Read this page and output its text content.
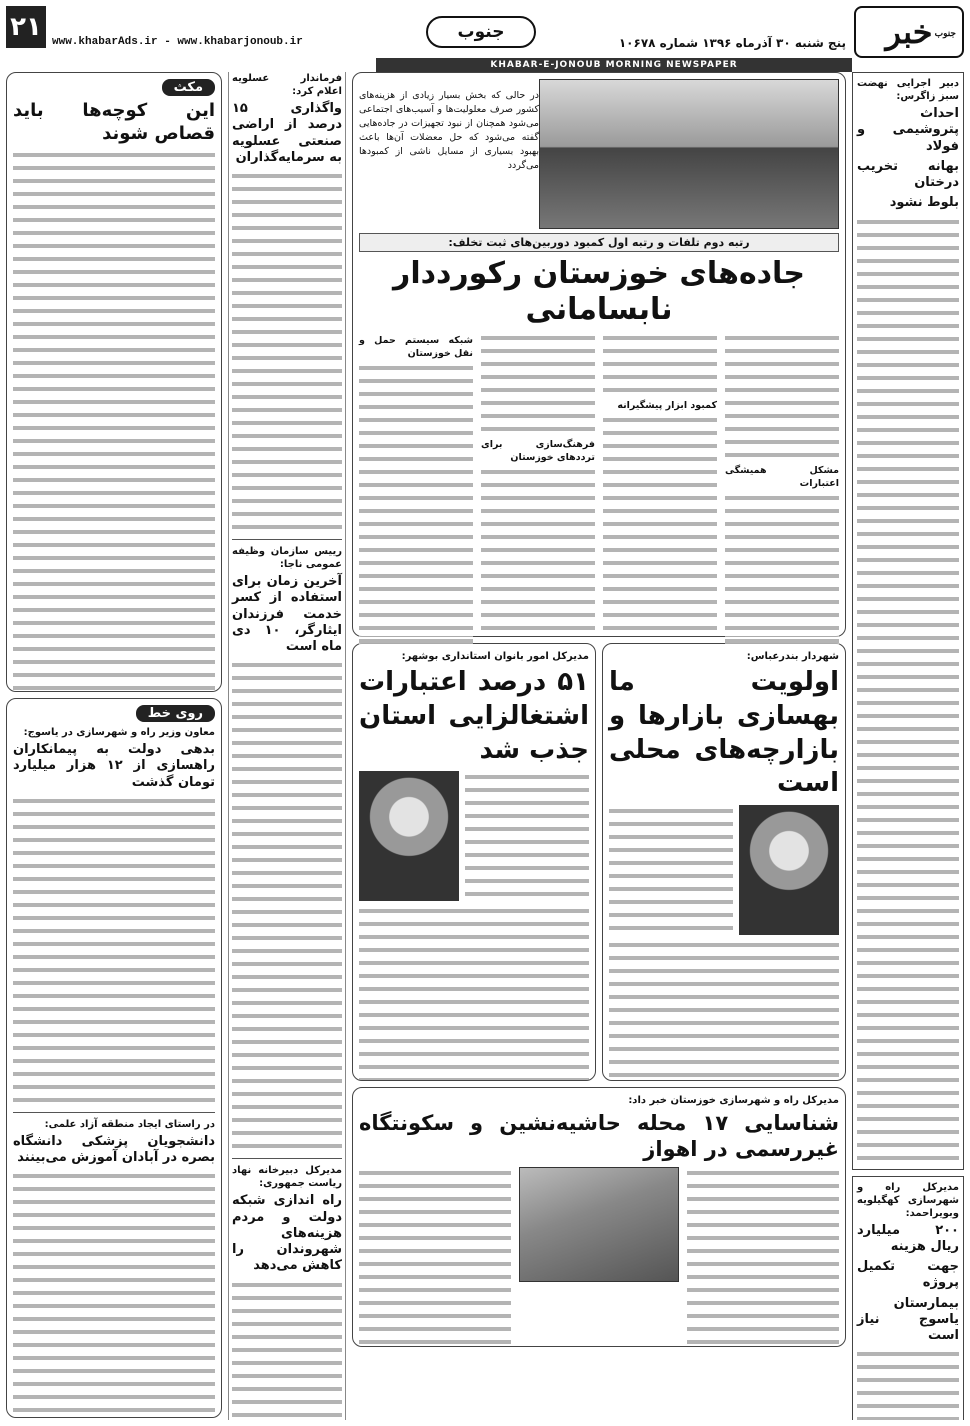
۲۱ www.khabarAds.ir - www.khabarjonoub.ir	جنوب
پنج شنبه ۳۰ آذرماه ۱۳۹۶ شماره ۱۰۶۷۸	خبر جنوب
KHABAR-E-JONOUB MORNING NEWSPAPER
دبیر اجرایی نهضت سبز زاگرس:
احداث پتروشیمی و فولاد
بهانه تخریب درختان
بلوط نشود
مدیرکل راه و شهرسازی کهگیلویه وبویراحمد:
۲۰۰ میلیارد ریال هزینه
جهت تکمیل پروژه
بیمارستان یاسوج نیاز است
در حالی که بخش بسیار زیادی از هزینه‌های کشور صرف معلولیت‌ها و آسیب‌های اجتماعی می‌شود همچنان از نبود تجهیزات در جاده‌هایی گفته می‌شود که حل معضلات آن‌ها باعث بهبود بسیاری از مسایل ناشی از کمبودها می‌گردد
رتبه دوم تلفات و رتبه اول کمبود دوربین‌های ثبت تخلف:
جاده‌های خوزستان رکورددار نابسامانی
مشکل همیشگی اعتبارات
کمبود ابزار پیشگیرانه
فرهنگ‌سازی برای ترددهای خوزستان
شبکه سیستم حمل و نقل خوزستان
شهردار بندرعباس:
اولویت ما بهسازی بازارها و بازارچه‌های محلی است
مدیرکل امور بانوان استانداری بوشهر:
۵۱ درصد اعتبارات اشتغالزایی استان جذب شد
مدیرکل راه و شهرسازی خوزستان خبر داد:
شناسایی ۱۷ محله حاشیه‌نشین و سکونتگاه غیررسمی در اهواز
فرماندار عسلویه اعلام کرد:
واگذاری ۱۵ درصد از اراضی صنعتی عسلویه به سرمایه‌گذاران
رییس سازمان وظیفه عمومی ناجا:
آخرین زمان برای استفاده از کسر خدمت فرزندان ایثارگر، ۱۰ دی ماه است
مدیرکل دبیرخانه نهاد ریاست جمهوری:
راه اندازی شبکه دولت و مردم هزینه‌های شهروندان را کاهش می‌دهد
مکث
این کوچه‌ها باید قصاص شوند
روی خط
معاون وزیر راه و شهرسازی در یاسوج:
بدهی دولت به پیمانکاران راهسازی از ۱۲ هزار میلیارد تومان گذشت
در راستای ایجاد منطقه آزاد علمی:
دانشجویان پزشکی دانشگاه بصره در آبادان آموزش می‌بینند
